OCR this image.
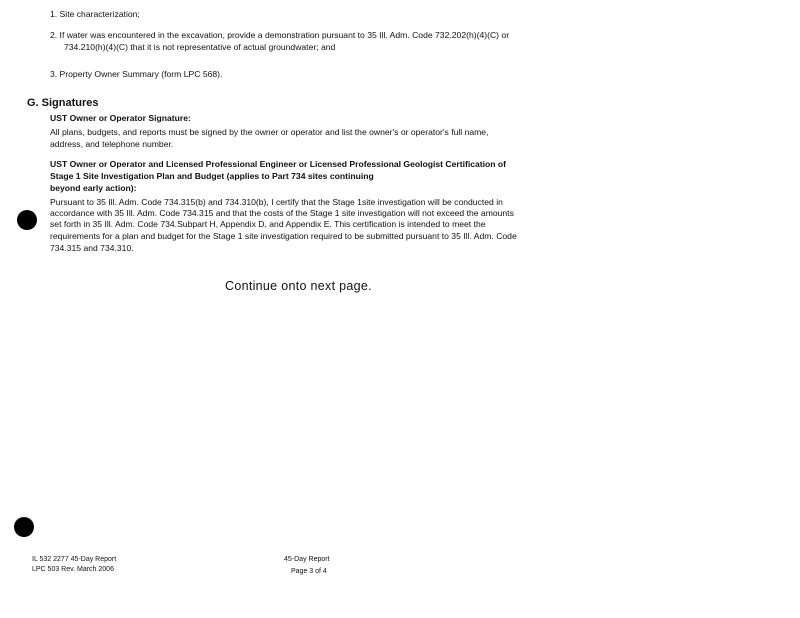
1. Site characterization;

2. If water was encountered in the excavation, provide a demonstration pursuant to 35 Ill. Adm. Code 732.202(h)(4)(C) or

734.210(h)(4)(C) that it is not representative of actual groundwater; and

3. Property Owner Summary (form LPC 568).

G. Signatures

UST Owner or Operator Signature:

All plans, budgets, and reports must be signed by the owner or operator and list the owner's or operator's full name,

address, and telephone number.

UST Owner or Operator and Licensed Professional Engineer or Licensed Professional Geologist Certification of

Stage 1 Site Investigation Plan and Budget (applies to Part 734 sites continuing

beyond early action):

Pursuant to 35 Ill. Adm. Code 734.315(b) and 734.310(b), I certify that the Stage 1site investigation will be conducted in

accordance with 35 Ill. Adm. Code 734.315 and that the costs of the Stage 1 site investigation will not exceed the amounts

set forth in 35 Ill. Adm. Code 734.Subpart H, Appendix D, and Appendix E. This certification is intended to meet the

requirements for a plan and budget for the Stage 1 site investigation required to be submitted pursuant to 35 Ill. Adm. Code

734.315 and 734.310.

Continue onto next page.

IL 532 2277 45-Day Report

LPC 503 Rev. March 2006

45-Day Report

Page 3 of 4
